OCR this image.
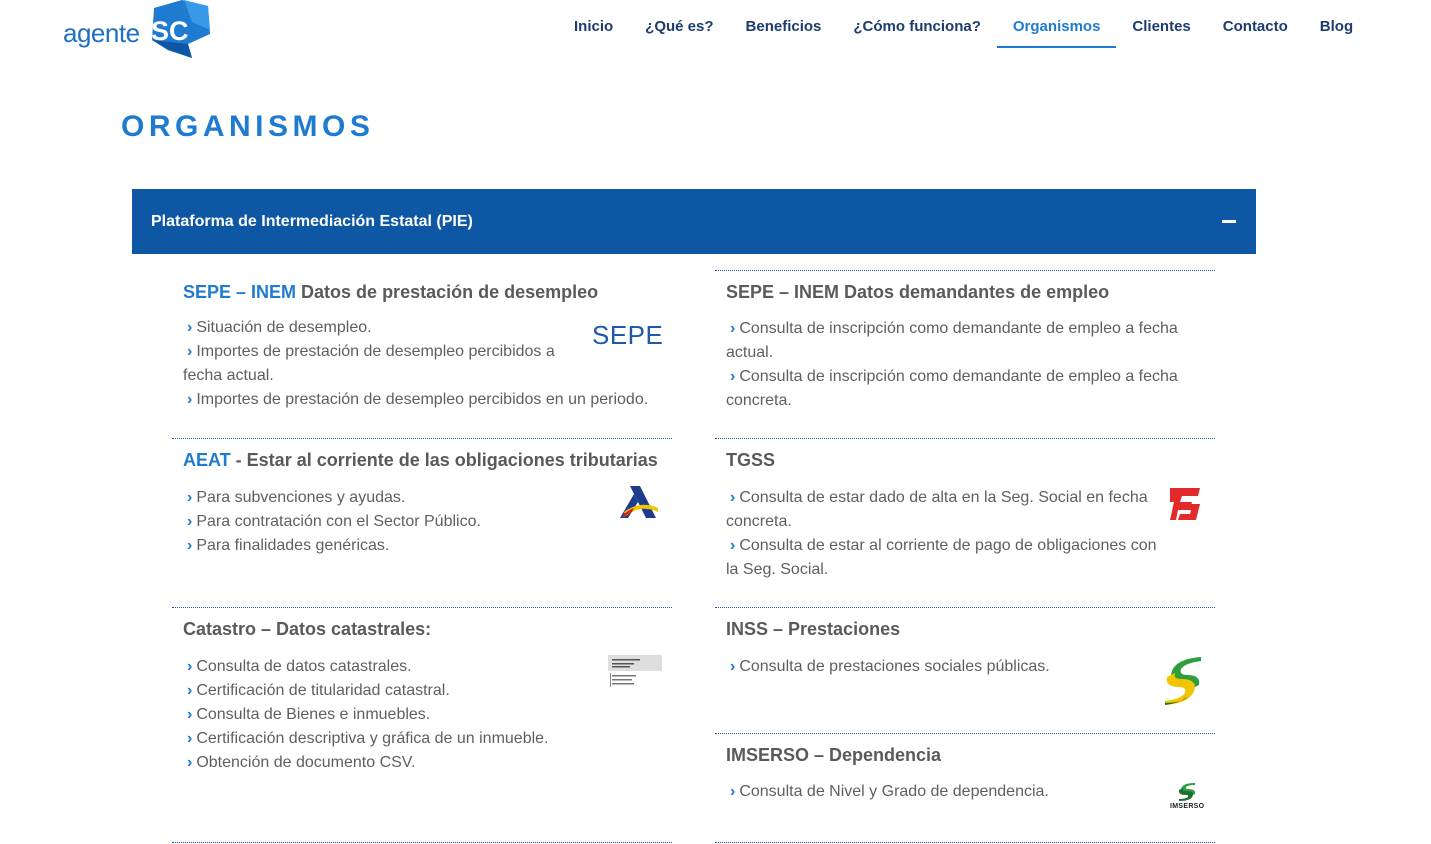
agente SC	Inicio	¿Qué es?	Beneficios	¿Cómo funciona?	Organismos	Clientes	Contacto	Blog
ORGANISMOS
Plataforma de Intermediación Estatal (PIE)
SEPE – INEM Datos de prestación de desempleo
› Situación de desempleo.
› Importes de prestación de desempleo percibidos a fecha actual.
› Importes de prestación de desempleo percibidos en un periodo.
SEPE
SEPE – INEM Datos demandantes de empleo
› Consulta de inscripción como demandante de empleo a fecha actual.
› Consulta de inscripción como demandante de empleo a fecha concreta.
AEAT - Estar al corriente de las obligaciones tributarias
› Para subvenciones y ayudas.
› Para contratación con el Sector Público.
› Para finalidades genéricas.
TGSS
› Consulta de estar dado de alta en la Seg. Social en fecha concreta.
› Consulta de estar al corriente de pago de obligaciones con la Seg. Social.
Catastro – Datos catastrales:
› Consulta de datos catastrales.
› Certificación de titularidad catastral.
› Consulta de Bienes e inmuebles.
› Certificación descriptiva y gráfica de un inmueble.
› Obtención de documento CSV.
INSS – Prestaciones
› Consulta de prestaciones sociales públicas.
IMSERSO – Dependencia
› Consulta de Nivel y Grado de dependencia.
IMSERSO
